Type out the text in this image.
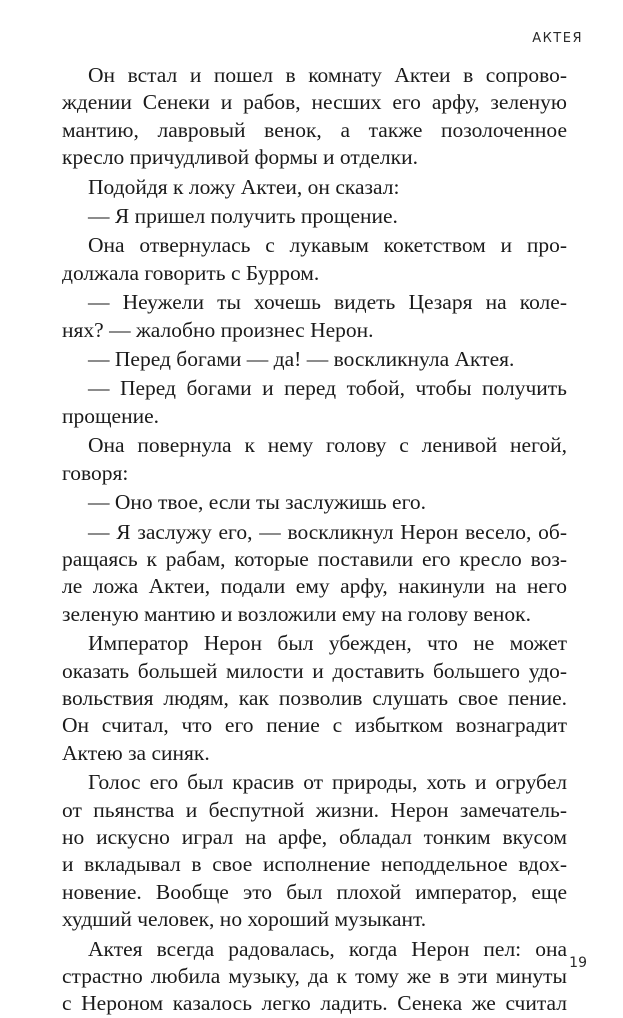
АКТЕЯ

Он встал и пошел в комнату Актеи в сопрово-
ждении Сенеки и рабов, несших его арфу, зеленую
мантию, лавровый венок, а также позолоченное
кресло причудливой формы и отделки.

Подойдя к ложу Актеи, он сказал:

— Я пришел получить прощение.

Она отвернулась с лукавым кокетством и про-
должала говорить с Бурром.

— Неужели ты хочешь видеть Цезаря на коле-
нях? — жалобно произнес Нерон.

— Перед богами — да! — воскликнула Актея.

— Перед богами и перед тобой, чтобы получить
прощение.

Она повернула к нему голову с ленивой негой,
говоря:

— Оно твое, если ты заслужишь его.

— Я заслужу его, — воскликнул Нерон весело, об-
ращаясь к рабам, которые поставили его кресло воз-
ле ложа Актеи, подали ему арфу, накинули на него
зеленую мантию и возложили ему на голову венок.

Император Нерон был убежден, что не может
оказать большей милости и доставить большего удо-
вольствия людям, как позволив слушать свое пение.
Он считал, что его пение с избытком вознаградит
Актею за синяк.

Голос его был красив от природы, хоть и огрубел
от пьянства и беспутной жизни. Нерон замечатель-
но искусно играл на арфе, обладал тонким вкусом
и вкладывал в свое исполнение неподдельное вдох-
новение. Вообще это был плохой император, еще
худший человек, но хороший музыкант.

Актея всегда радовалась, когда Нерон пел: она
страстно любила музыку, да к тому же в эти минуты
с Нероном казалось легко ладить. Сенека же считал

19
